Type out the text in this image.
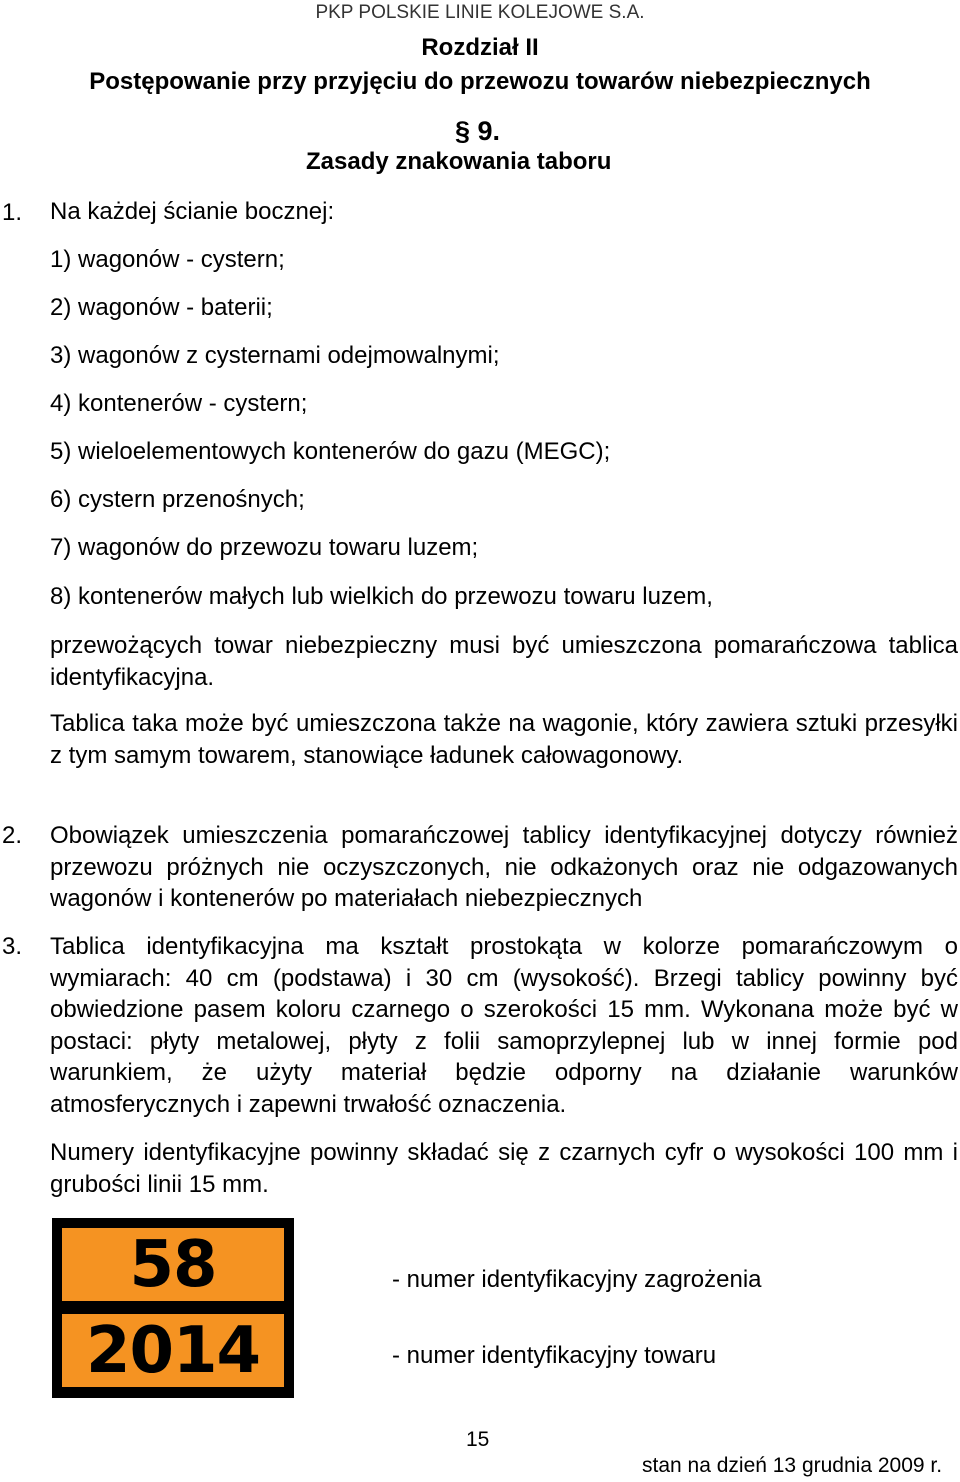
PKP POLSKIE LINIE KOLEJOWE S.A.
Rozdział II
Postępowanie przy przyjęciu do przewozu towarów niebezpiecznych
§ 9.
Zasady znakowania taboru
1. Na każdej ścianie bocznej:
1) wagonów - cystern;
2) wagonów - baterii;
3) wagonów z cysternami odejmowalnymi;
4) kontenerów - cystern;
5) wieloelementowych kontenerów do gazu (MEGC);
6) cystern przenośnych;
7) wagonów do przewozu towaru luzem;
8) kontenerów małych lub wielkich do przewozu towaru luzem,
przewożących towar niebezpieczny musi być umieszczona pomarańczowa tablica identyfikacyjna.
Tablica taka może być umieszczona także na wagonie, który zawiera sztuki przesyłki z tym samym towarem, stanowiące ładunek całowagonowy.
2. Obowiązek umieszczenia pomarańczowej tablicy identyfikacyjnej dotyczy również przewozu próżnych nie oczyszczonych, nie odkażonych oraz nie odgazowanych wagonów i kontenerów po materiałach niebezpiecznych
3. Tablica identyfikacyjna ma kształt prostokąta w kolorze pomarańczowym o wymiarach: 40 cm (podstawa) i 30 cm (wysokość). Brzegi tablicy powinny być obwiedzione pasem koloru czarnego o szerokości 15 mm. Wykonana może być w postaci: płyty metalowej, płyty z folii samoprzylepnej lub w innej formie pod warunkiem, że użyty materiał będzie odporny na działanie warunków atmosferycznych i zapewni trwałość oznaczenia.
Numery identyfikacyjne powinny składać się z czarnych cyfr o wysokości 100 mm i grubości linii 15 mm.
58
2014
- numer identyfikacyjny zagrożenia
- numer identyfikacyjny towaru
15
stan na dzień 13 grudnia 2009 r.
